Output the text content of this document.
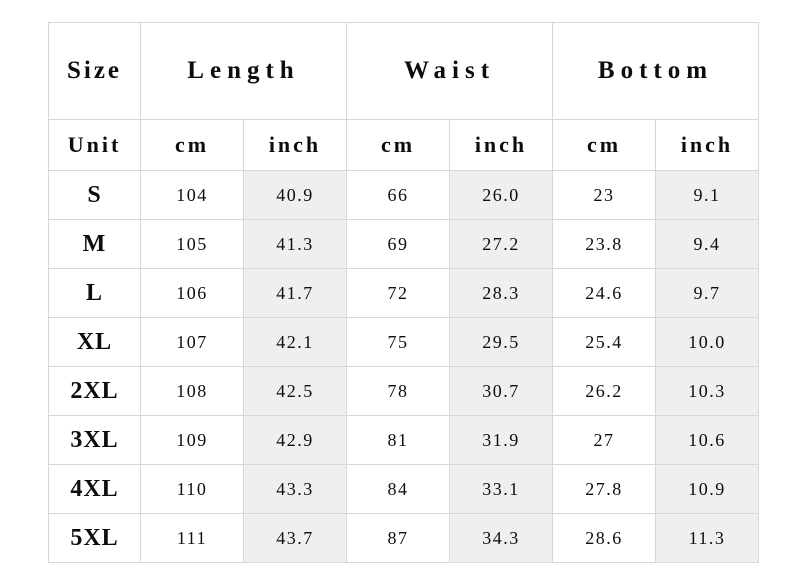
Size	Length		Waist		Bottom	
Unit	cm	inch	cm	inch	cm	inch
S	104	40.9	66	26.0	23	9.1
M	105	41.3	69	27.2	23.8	9.4
L	106	41.7	72	28.3	24.6	9.7
XL	107	42.1	75	29.5	25.4	10.0
2XL	108	42.5	78	30.7	26.2	10.3
3XL	109	42.9	81	31.9	27	10.6
4XL	110	43.3	84	33.1	27.8	10.9
5XL	111	43.7	87	34.3	28.6	11.3
